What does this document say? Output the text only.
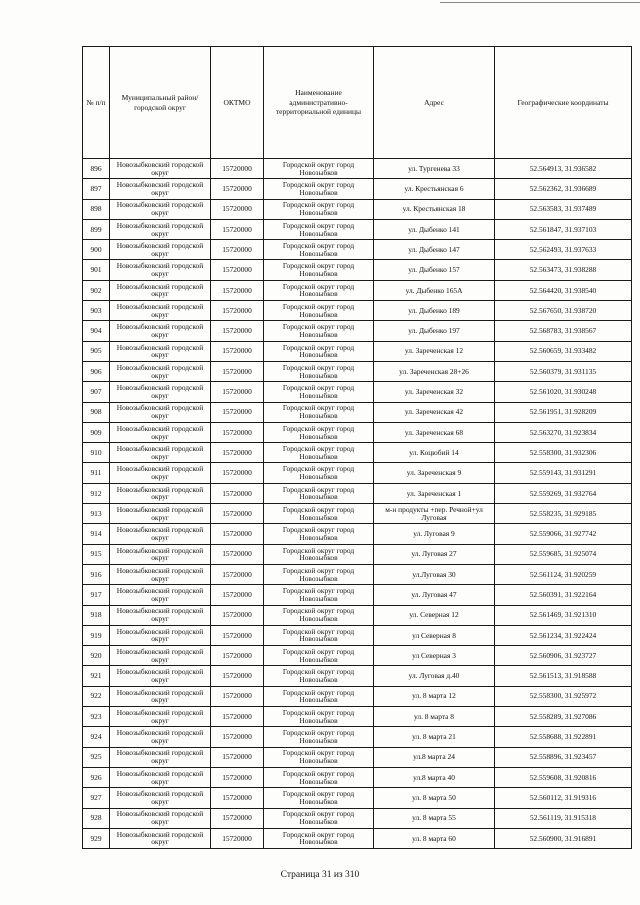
№ п/п	Муниципальный район/городской округ	ОКТМО	Наименование административно-территориальной единицы	Адрес	Географические координаты
896	Новозыбковский городской округ	15720000	Городской округ город Новозыбков	ул. Тургенева 33	52.564913, 31.936582
897	Новозыбковский городской округ	15720000	Городской округ город Новозыбков	ул. Крестьянская 6	52.562362, 31.936689
898	Новозыбковский городской округ	15720000	Городской округ город Новозыбков	ул. Крестьянская 18	52.563583, 31.937489
899	Новозыбковский городской округ	15720000	Городской округ город Новозыбков	ул. Дыбенко 141	52.561847, 31.937103
900	Новозыбковский городской округ	15720000	Городской округ город Новозыбков	ул. Дыбенко 147	52.562493, 31.937633
901	Новозыбковский городской округ	15720000	Городской округ город Новозыбков	ул. Дыбенко 157	52.563473, 31.938288
902	Новозыбковский городской округ	15720000	Городской округ город Новозыбков	ул. Дыбенко 165А	52.564420, 31.938540
903	Новозыбковский городской округ	15720000	Городской округ город Новозыбков	ул. Дыбенко 189	52.567650, 31.938720
904	Новозыбковский городской округ	15720000	Городской округ город Новозыбков	ул. Дыбенко 197	52.568783, 31.938567
905	Новозыбковский городской округ	15720000	Городской округ город Новозыбков	ул. Зареченская 12	52.560659, 31.933482
906	Новозыбковский городской округ	15720000	Городской округ город Новозыбков	ул. Зареченская 28+26	52.560379, 31.931135
907	Новозыбковский городской округ	15720000	Городской округ город Новозыбков	ул. Зареченская 32	52.561020, 31.930248
908	Новозыбковский городской округ	15720000	Городской округ город Новозыбков	ул. Зареченская 42	52.561951, 31.928209
909	Новозыбковский городской округ	15720000	Городской округ город Новозыбков	ул. Зареченская 68	52.563270, 31.923834
910	Новозыбковский городской округ	15720000	Городской округ город Новозыбков	ул. Коцюбий 14	52.558300, 31.932306
911	Новозыбковский городской округ	15720000	Городской округ город Новозыбков	ул. Зареченская 9	52.559143, 31.931291
912	Новозыбковский городской округ	15720000	Городской округ город Новозыбков	ул. Зареченская 1	52.559269, 31.932764
913	Новозыбковский городской округ	15720000	Городской округ город Новозыбков	м-н продукты +пер. Речной+ул Луговая	52.558235, 31.929185
914	Новозыбковский городской округ	15720000	Городской округ город Новозыбков	ул. Луговая 9	52.559066, 31.927742
915	Новозыбковский городской округ	15720000	Городской округ город Новозыбков	ул. Луговая 27	52.559685, 31.925074
916	Новозыбковский городской округ	15720000	Городской округ город Новозыбков	ул.Луговая 30	52.561124, 31.920259
917	Новозыбковский городской округ	15720000	Городской округ город Новозыбков	ул. Луговая 47	52.560391, 31.922164
918	Новозыбковский городской округ	15720000	Городской округ город Новозыбков	ул. Северная 12	52.561469, 31.921310
919	Новозыбковский городской округ	15720000	Городской округ город Новозыбков	ул Северная 8	52.561234, 31.922424
920	Новозыбковский городской округ	15720000	Городской округ город Новозыбков	ул Северная 3	52.560906, 31.923727
921	Новозыбковский городской округ	15720000	Городской округ город Новозыбков	ул. Луговая д.40	52.561513, 31.918588
922	Новозыбковский городской округ	15720000	Городской округ город Новозыбков	ул. 8 марта 12	52.558300, 31.925972
923	Новозыбковский городской округ	15720000	Городской округ город Новозыбков	ул. 8 марта 8	52.558289, 31.927086
924	Новозыбковский городской округ	15720000	Городской округ город Новозыбков	ул. 8 марта 21	52.558688, 31.922891
925	Новозыбковский городской округ	15720000	Городской округ город Новозыбков	ул.8 марта 24	52.558896, 31.923457
926	Новозыбковский городской округ	15720000	Городской округ город Новозыбков	ул.8 марта 40	52.559608, 31.920816
927	Новозыбковский городской округ	15720000	Городской округ город Новозыбков	ул. 8 марта 50	52.560112, 31.919316
928	Новозыбковский городской округ	15720000	Городской округ город Новозыбков	ул. 8 марта 55	52.561119, 31.915318
929	Новозыбковский городской округ	15720000	Городской округ город Новозыбков	ул. 8 марта 60	52.560900, 31.916891
Страница 31 из 310
